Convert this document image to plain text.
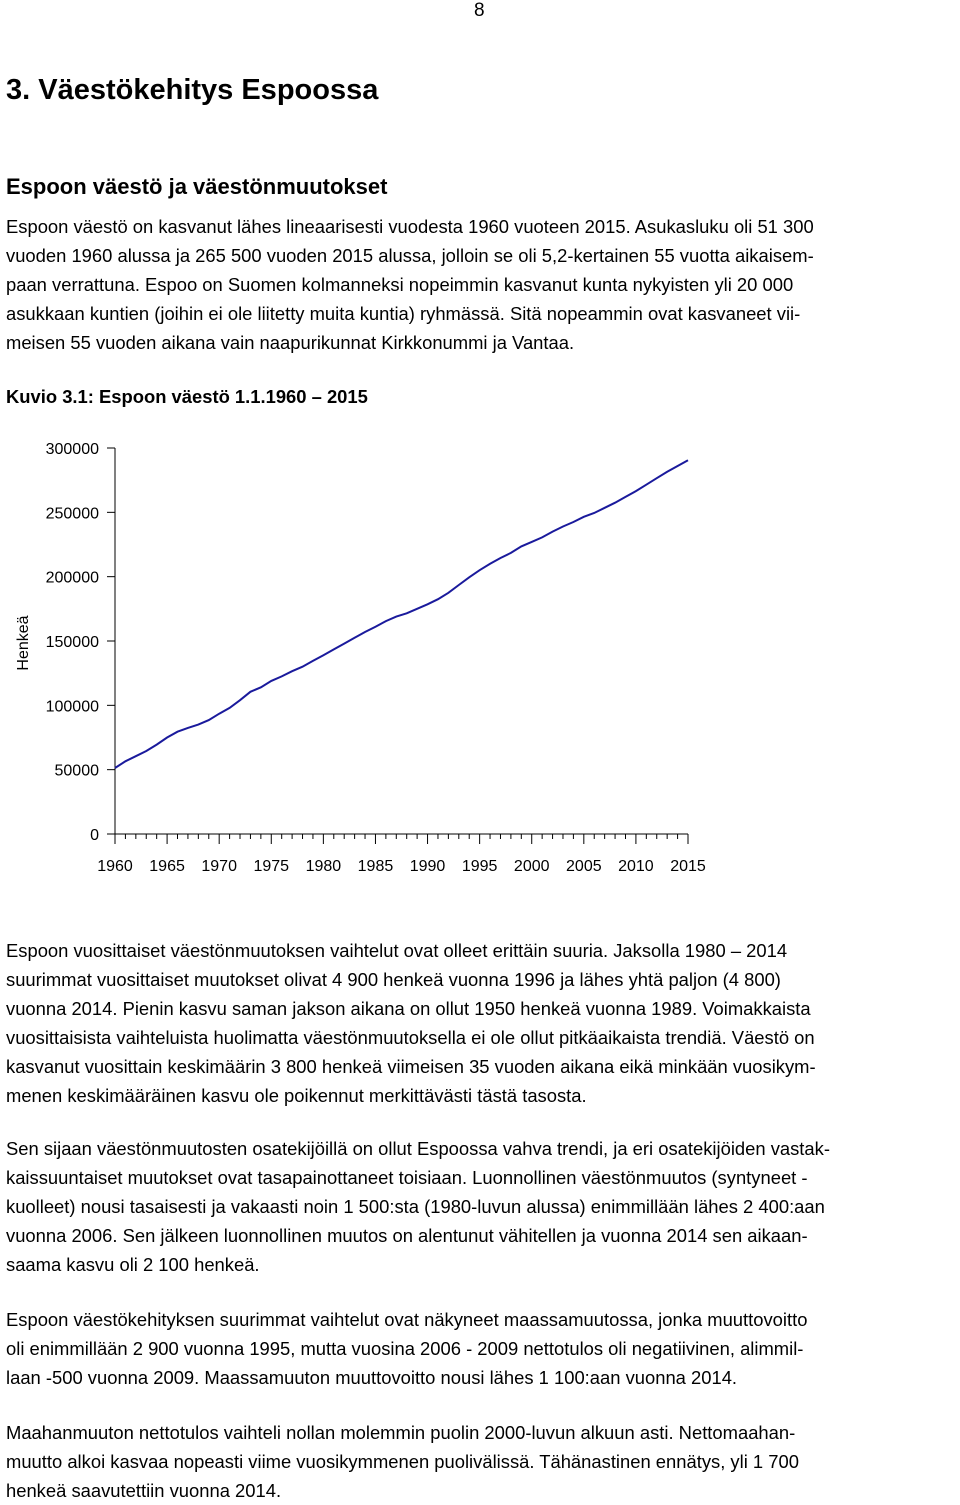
8
3. Väestökehitys Espoossa
Espoon väestö ja väestönmuutokset

Espoon väestö on kasvanut lähes lineaarisesti vuodesta 1960 vuoteen 2015. Asukasluku oli 51 300
vuoden 1960 alussa ja 265 500 vuoden 2015 alussa, jolloin se oli 5,2-kertainen 55 vuotta aikaisem-
paan verrattuna. Espoo on Suomen kolmanneksi nopeimmin kasvanut kunta nykyisten yli 20 000
asukkaan kuntien (joihin ei ole liitetty muita kuntia) ryhmässä. Sitä nopeammin ovat kasvaneet vii-
meisen 55 vuoden aikana vain naapurikunnat Kirkkonummi ja Vantaa.

Kuvio 3.1: Espoon väestö 1.1.1960 – 2015

0
50000
100000
150000
200000
250000
300000
1960 1965 1970 1975 1980 1985 1990 1995 2000 2005 2010 2015
Henkeä

Espoon vuosittaiset väestönmuutoksen vaihtelut ovat olleet erittäin suuria. Jaksolla 1980 – 2014
suurimmat vuosittaiset muutokset olivat 4 900 henkeä vuonna 1996 ja lähes yhtä paljon (4 800)
vuonna 2014. Pienin kasvu saman jakson aikana on ollut 1950 henkeä vuonna 1989. Voimakkaista
vuosittaisista vaihteluista huolimatta väestönmuutoksella ei ole ollut pitkäaikaista trendiä. Väestö on
kasvanut vuosittain keskimäärin 3 800 henkeä viimeisen 35 vuoden aikana eikä minkään vuosikym-
menen keskimääräinen kasvu ole poikennut merkittävästi tästä tasosta.

Sen sijaan väestönmuutosten osatekijöillä on ollut Espoossa vahva trendi, ja eri osatekijöiden vastak-
kaissuuntaiset muutokset ovat tasapainottaneet toisiaan. Luonnollinen väestönmuutos (syntyneet -
kuolleet) nousi tasaisesti ja vakaasti noin 1 500:sta (1980-luvun alussa) enimmillään lähes 2 400:aan
vuonna 2006. Sen jälkeen luonnollinen muutos on alentunut vähitellen ja vuonna 2014 sen aikaan-
saama kasvu oli 2 100 henkeä.

Espoon väestökehityksen suurimmat vaihtelut ovat näkyneet maassamuutossa, jonka muuttovoitto
oli enimmillään 2 900 vuonna 1995, mutta vuosina 2006 - 2009 nettotulos oli negatiivinen, alimmil-
laan -500 vuonna 2009. Maassamuuton muuttovoitto nousi lähes 1 100:aan vuonna 2014.

Maahanmuuton nettotulos vaihteli nollan molemmin puolin 2000-luvun alkuun asti. Nettomaahan-
muutto alkoi kasvaa nopeasti viime vuosikymmenen puolivälissä. Tähänastinen ennätys, yli 1 700
henkeä saavutettiin vuonna 2014.
